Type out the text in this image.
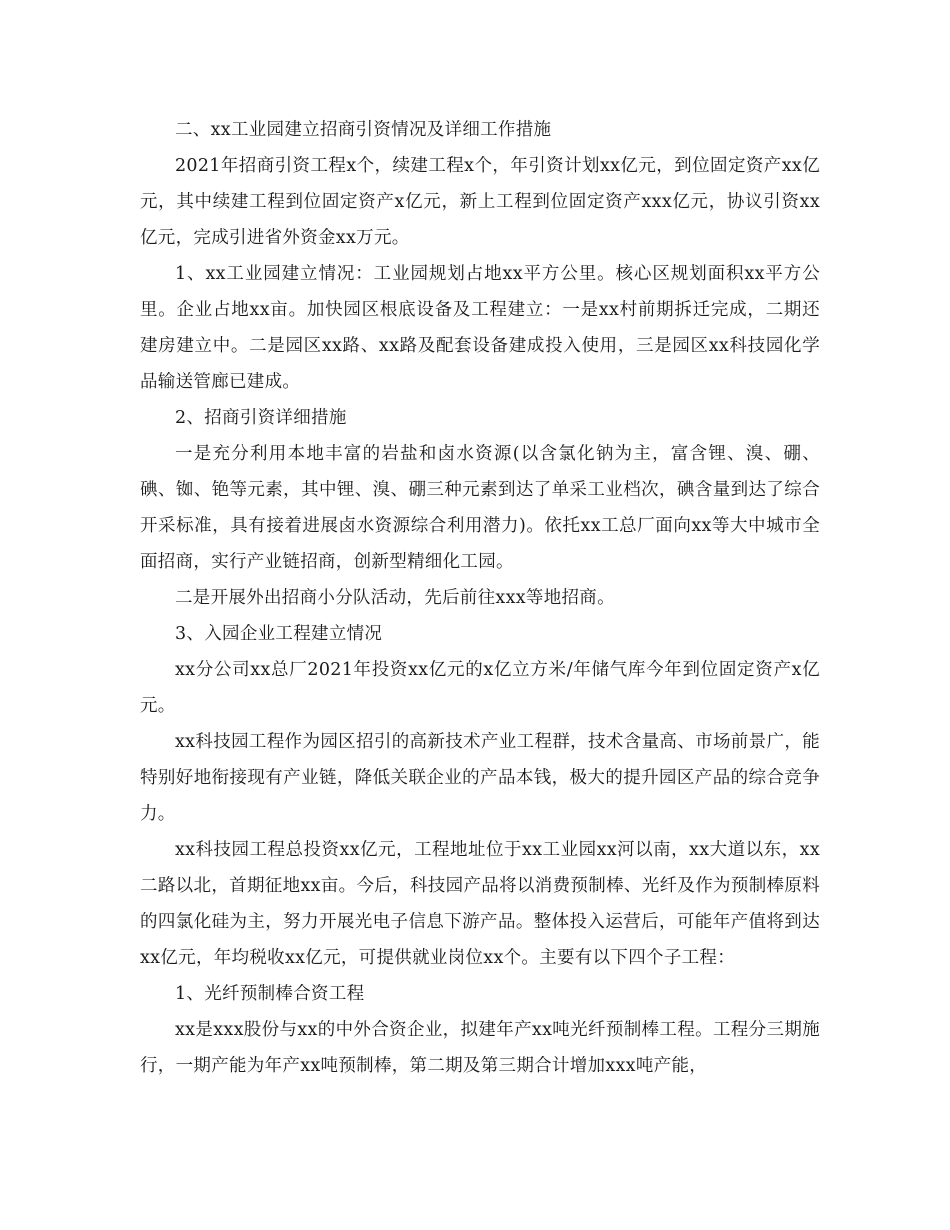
二、xx工业园建立招商引资情况及详细工作措施

2021年招商引资工程x个，续建工程x个，年引资计划xx亿元，到位固定资产xx亿元，其中续建工程到位固定资产x亿元，新上工程到位固定资产xxx亿元，协议引资xx亿元，完成引进省外资金xx万元。

1、xx工业园建立情况：工业园规划占地xx平方公里。核心区规划面积xx平方公里。企业占地xx亩。加快园区根底设备及工程建立：一是xx村前期拆迁完成，二期还建房建立中。二是园区xx路、xx路及配套设备建成投入使用，三是园区xx科技园化学品输送管廊已建成。

2、招商引资详细措施

一是充分利用本地丰富的岩盐和卤水资源(以含氯化钠为主，富含锂、溴、硼、碘、铷、铯等元素，其中锂、溴、硼三种元素到达了单采工业档次，碘含量到达了综合开采标准，具有接着进展卤水资源综合利用潜力)。依托xx工总厂面向xx等大中城市全面招商，实行产业链招商，创新型精细化工园。

二是开展外出招商小分队活动，先后前往xxx等地招商。

3、入园企业工程建立情况

xx分公司xx总厂2021年投资xx亿元的x亿立方米/年储气库今年到位固定资产x亿元。

xx科技园工程作为园区招引的高新技术产业工程群，技术含量高、市场前景广，能特别好地衔接现有产业链，降低关联企业的产品本钱，极大的提升园区产品的综合竞争力。

xx科技园工程总投资xx亿元，工程地址位于xx工业园xx河以南，xx大道以东，xx二路以北，首期征地xx亩。今后，科技园产品将以消费预制棒、光纤及作为预制棒原料的四氯化硅为主，努力开展光电子信息下游产品。整体投入运营后，可能年产值将到达xx亿元，年均税收xx亿元，可提供就业岗位xx个。主要有以下四个子工程：

1、光纤预制棒合资工程

xx是xxx股份与xx的中外合资企业，拟建年产xx吨光纤预制棒工程。工程分三期施行，一期产能为年产xx吨预制棒，第二期及第三期合计增加xxx吨产能，
